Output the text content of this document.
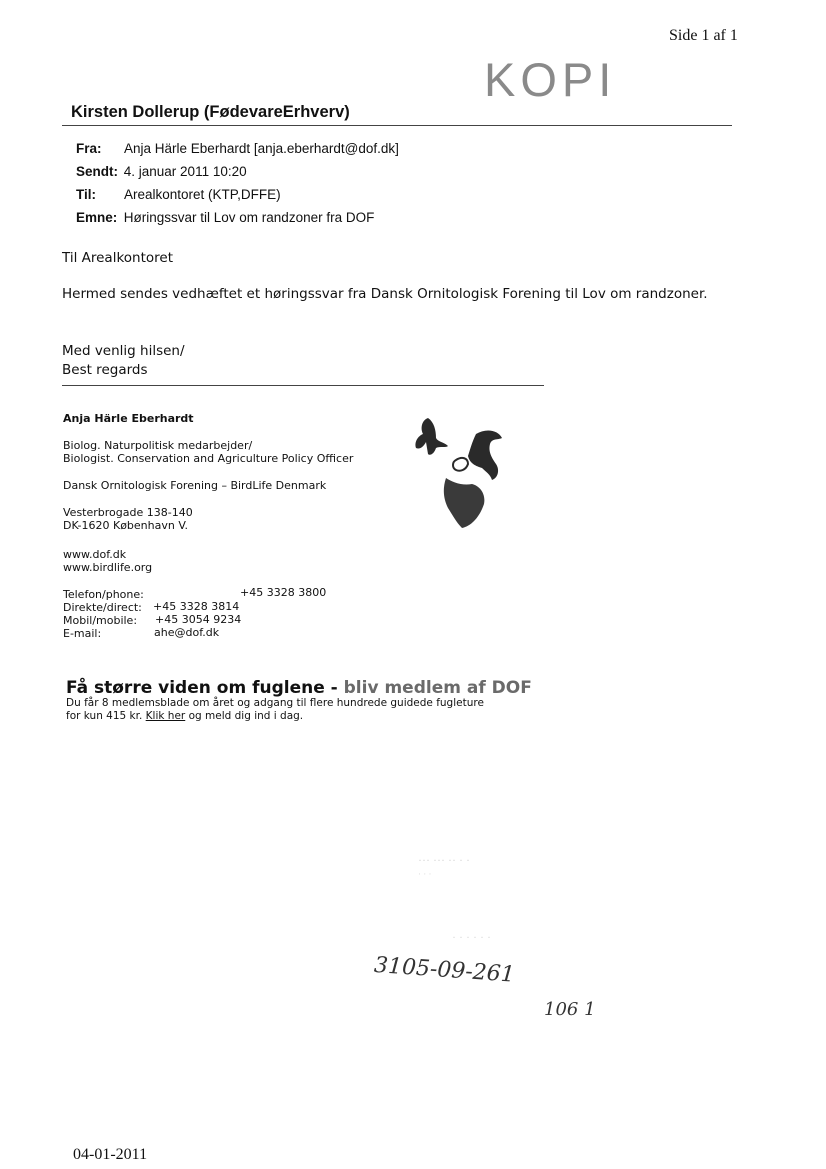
Side 1 af 1
KOPI
Kirsten Dollerup (FødevareErhverv)
Fra: Anja Härle Eberhardt [anja.eberhardt@dof.dk]
Sendt: 4. januar 2011 10:20
Til: Arealkontoret (KTP,DFFE)
Emne: Høringssvar til Lov om randzoner fra DOF
Til Arealkontoret
Hermed sendes vedhæftet et høringssvar fra Dansk Ornitologisk Forening til Lov om randzoner.
Med venlig hilsen/
Best regards
Anja Härle Eberhardt
Biolog. Naturpolitisk medarbejder/
Biologist. Conservation and Agriculture Policy Officer
Dansk Ornitologisk Forening – BirdLife Denmark
Vesterbrogade 138-140
DK-1620 København V.
www.dof.dk
www.birdlife.org
Telefon/phone:	+45 3328 3800
Direkte/direct: +45 3328 3814
Mobil/mobile: +45 3054 9234
E-mail:	ahe@dof.dk
Få større viden om fuglene - bliv medlem af DOF
Du får 8 medlemsblade om året og adgang til flere hundrede guidede fugleture
for kun 415 kr. Klik her og meld dig ind i dag.
··· ··· ·· · ·
· · ·
· · · · · ·
3105-09-261
106 1
04-01-2011
